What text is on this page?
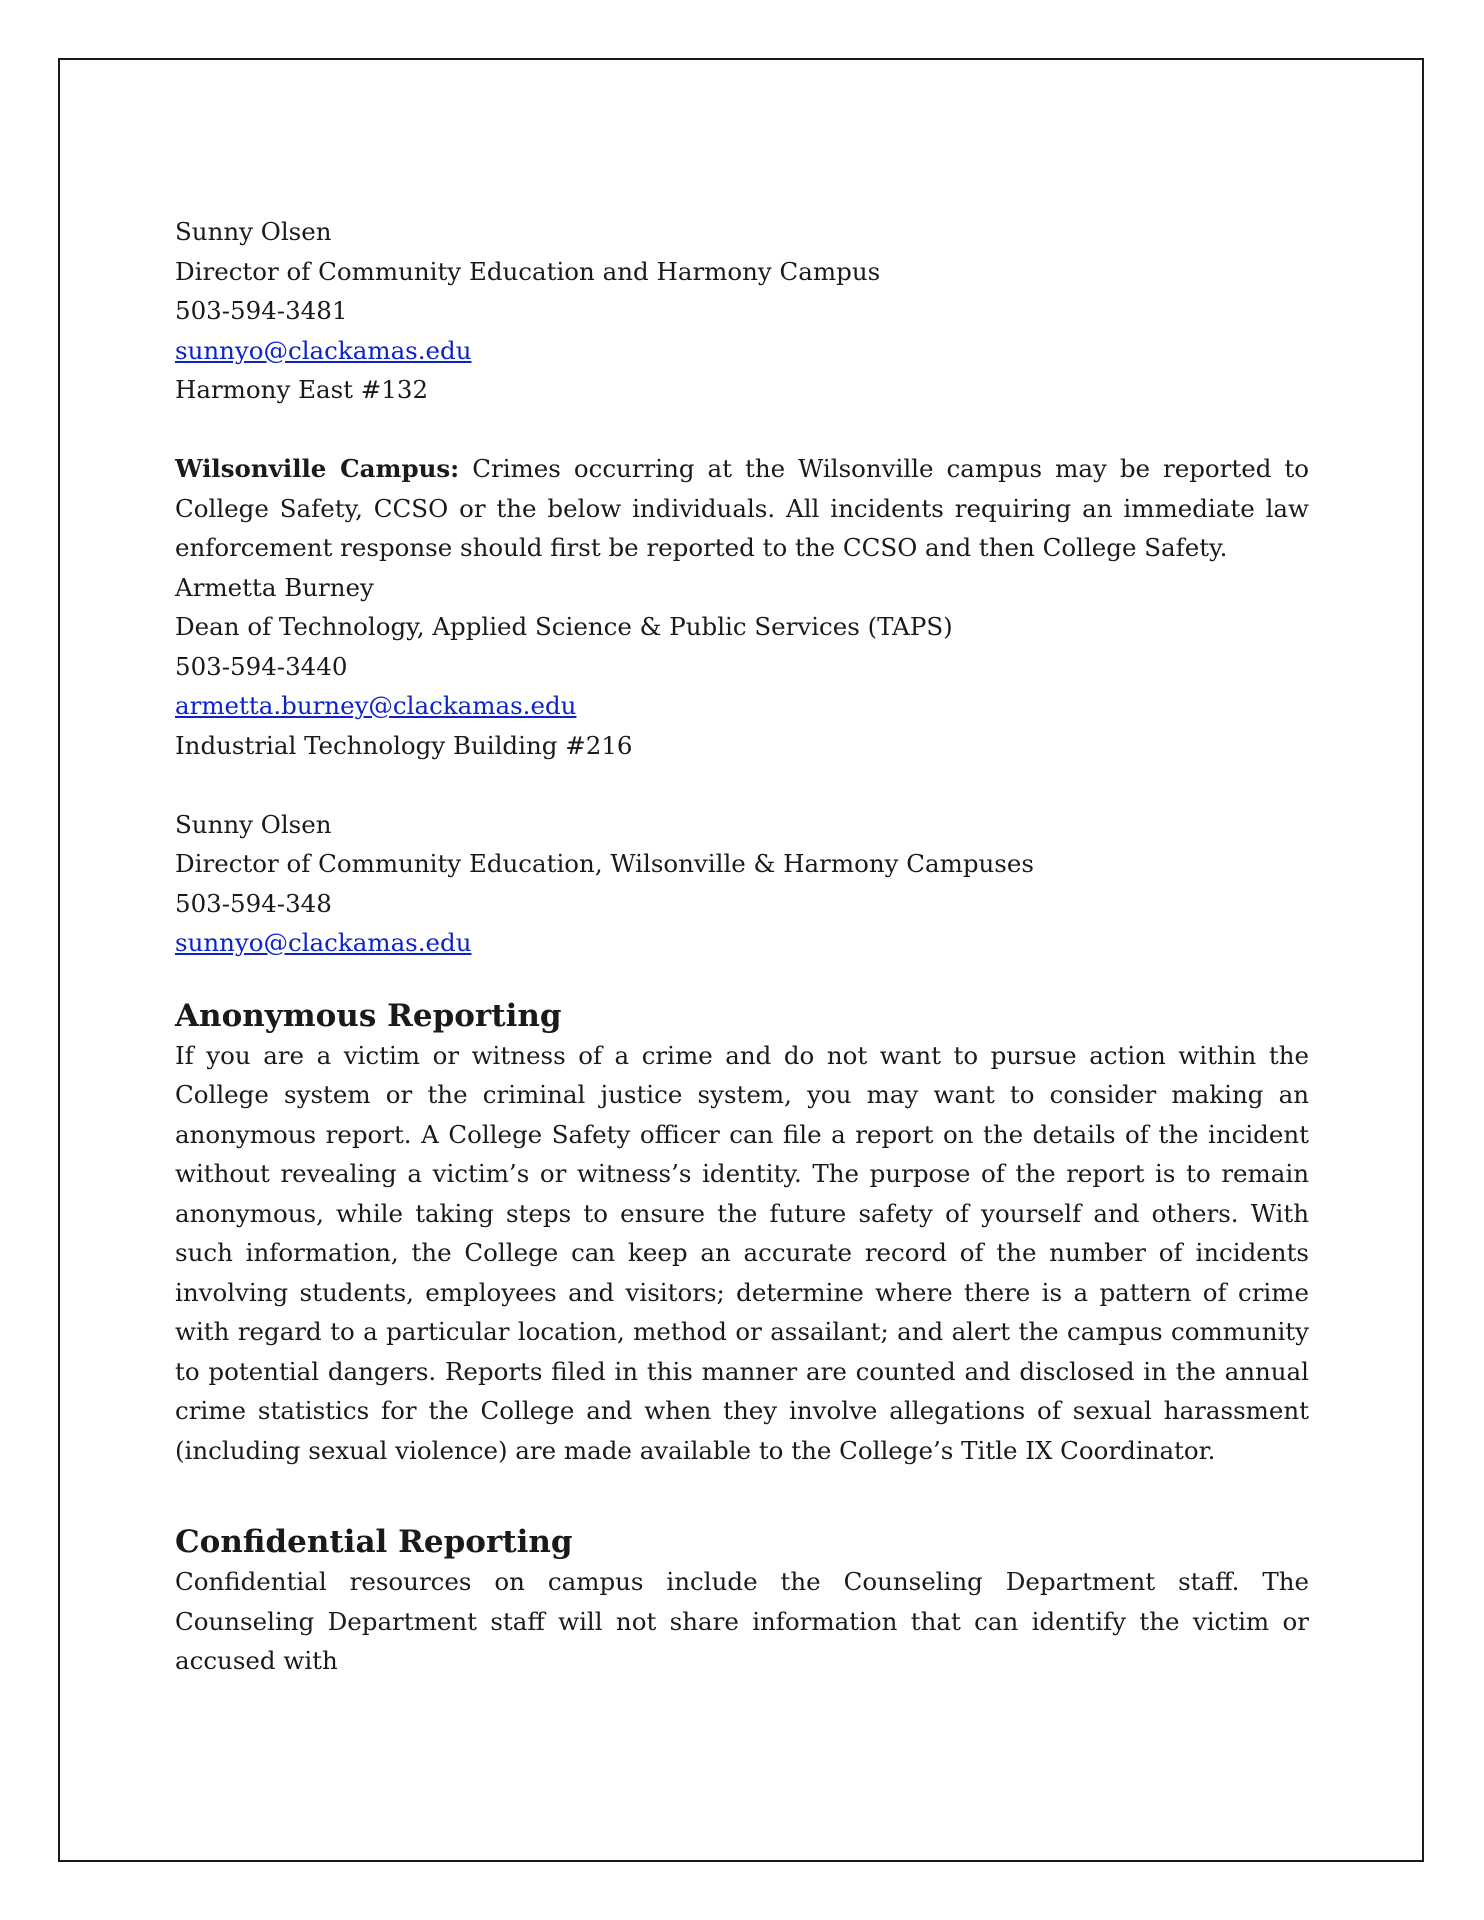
Sunny Olsen
Director of Community Education and Harmony Campus
503-594-3481
sunnyo@clackamas.edu
Harmony East #132

Wilsonville Campus: Crimes occurring at the Wilsonville campus may be reported to College Safety, CCSO or the below individuals. All incidents requiring an immediate law enforcement response should first be reported to the CCSO and then College Safety.

Armetta Burney
Dean of Technology, Applied Science & Public Services (TAPS)
503-594-3440
armetta.burney@clackamas.edu
Industrial Technology Building #216
Sunny Olsen
Director of Community Education, Wilsonville & Harmony Campuses
503-594-348
sunnyo@clackamas.edu
Anonymous Reporting

If you are a victim or witness of a crime and do not want to pursue action within the College system or the criminal justice system, you may want to consider making an anonymous report. A College Safety officer can file a report on the details of the incident without revealing a victim’s or witness’s identity. The purpose of the report is to remain anonymous, while taking steps to ensure the future safety of yourself and others. With such information, the College can keep an accurate record of the number of incidents involving students, employees and visitors; determine where there is a pattern of crime with regard to a particular location, method or assailant; and alert the campus community to potential dangers. Reports filed in this manner are counted and disclosed in the annual crime statistics for the College and when they involve allegations of sexual harassment (including sexual violence) are made available to the College’s Title IX Coordinator.

Confidential Reporting

Confidential resources on campus include the Counseling Department staff. The Counseling Department staff will not share information that can identify the victim or accused with
